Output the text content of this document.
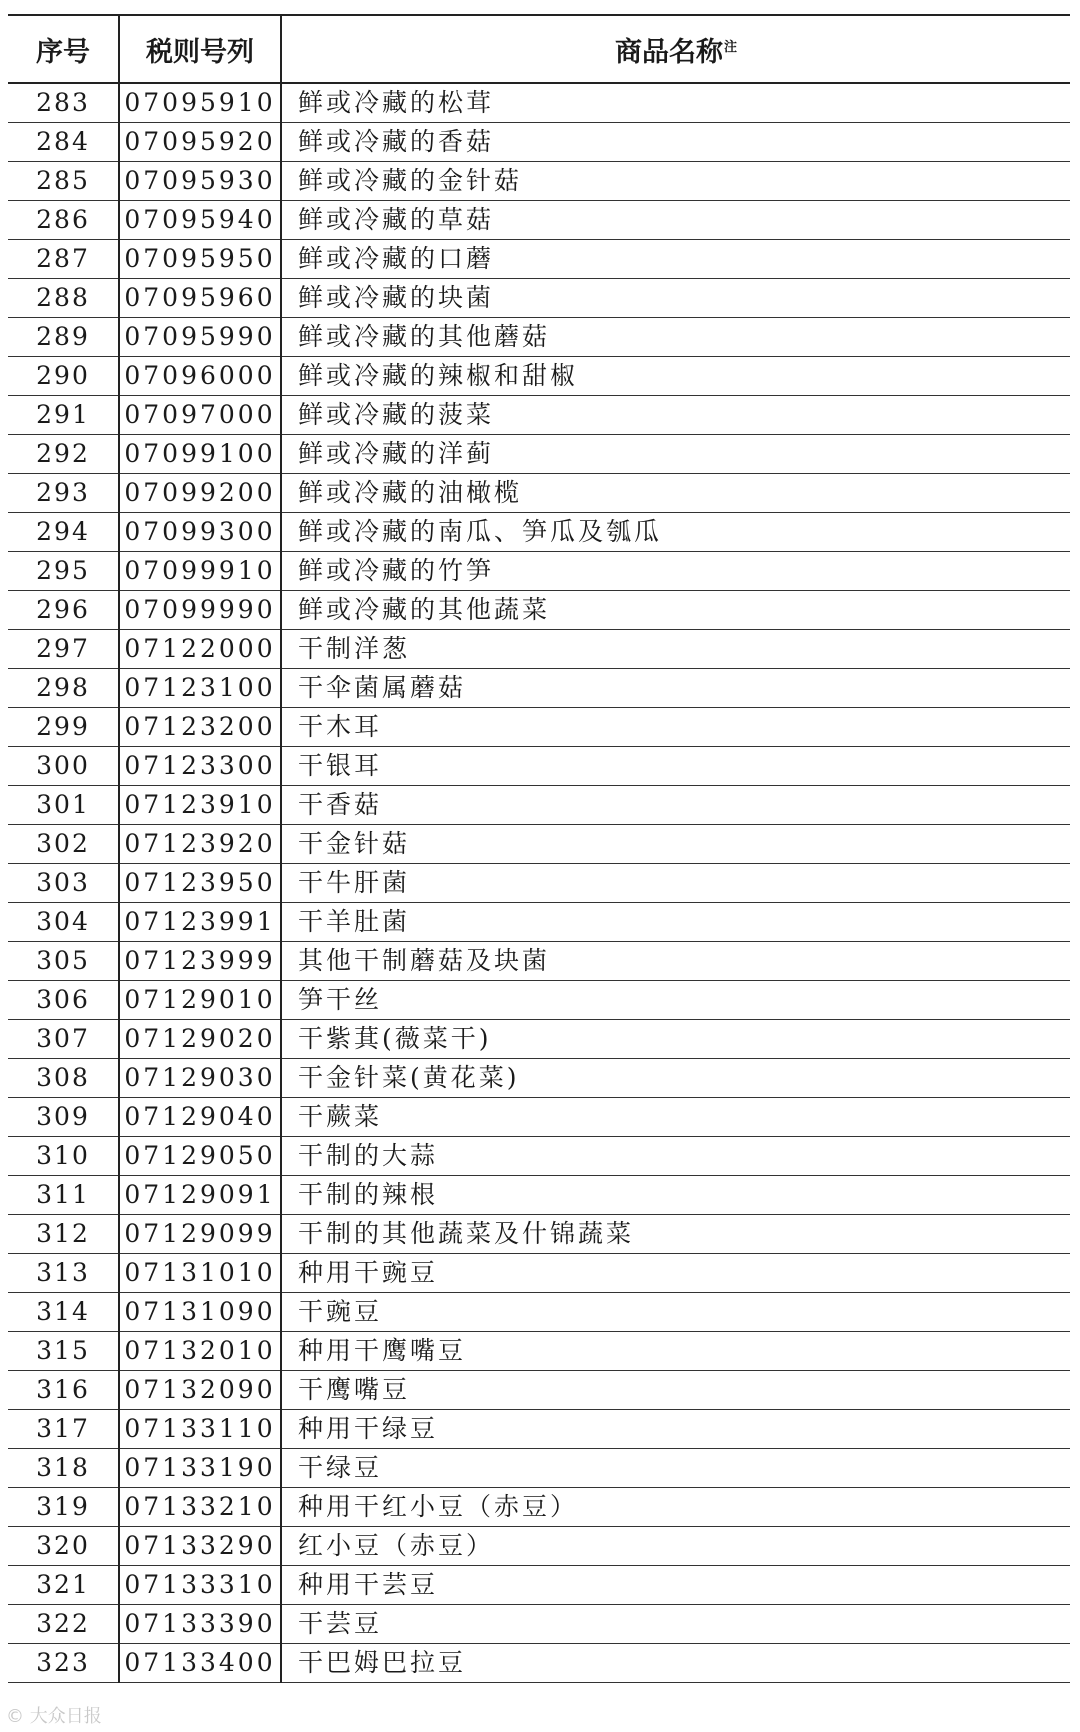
序号	税则号列	商品名称$^注$
283	07095910	鲜或冷藏的松茸
284	07095920	鲜或冷藏的香菇
285	07095930	鲜或冷藏的金针菇
286	07095940	鲜或冷藏的草菇
287	07095950	鲜或冷藏的口蘑
288	07095960	鲜或冷藏的块菌
289	07095990	鲜或冷藏的其他蘑菇
290	07096000	鲜或冷藏的辣椒和甜椒
291	07097000	鲜或冷藏的菠菜
292	07099100	鲜或冷藏的洋蓟
293	07099200	鲜或冷藏的油橄榄
294	07099300	鲜或冷藏的南瓜、笋瓜及瓠瓜
295	07099910	鲜或冷藏的竹笋
296	07099990	鲜或冷藏的其他蔬菜
297	07122000	干制洋葱
298	07123100	干伞菌属蘑菇
299	07123200	干木耳
300	07123300	干银耳
301	07123910	干香菇
302	07123920	干金针菇
303	07123950	干牛肝菌
304	07123991	干羊肚菌
305	07123999	其他干制蘑菇及块菌
306	07129010	笋干丝
307	07129020	干紫萁(薇菜干)
308	07129030	干金针菜(黄花菜)
309	07129040	干蕨菜
310	07129050	干制的大蒜
311	07129091	干制的辣根
312	07129099	干制的其他蔬菜及什锦蔬菜
313	07131010	种用干豌豆
314	07131090	干豌豆
315	07132010	种用干鹰嘴豆
316	07132090	干鹰嘴豆
317	07133110	种用干绿豆
318	07133190	干绿豆
319	07133210	种用干红小豆（赤豆）
320	07133290	红小豆（赤豆）
321	07133310	种用干芸豆
322	07133390	干芸豆
323	07133400	干巴姆巴拉豆
© 大众日报
